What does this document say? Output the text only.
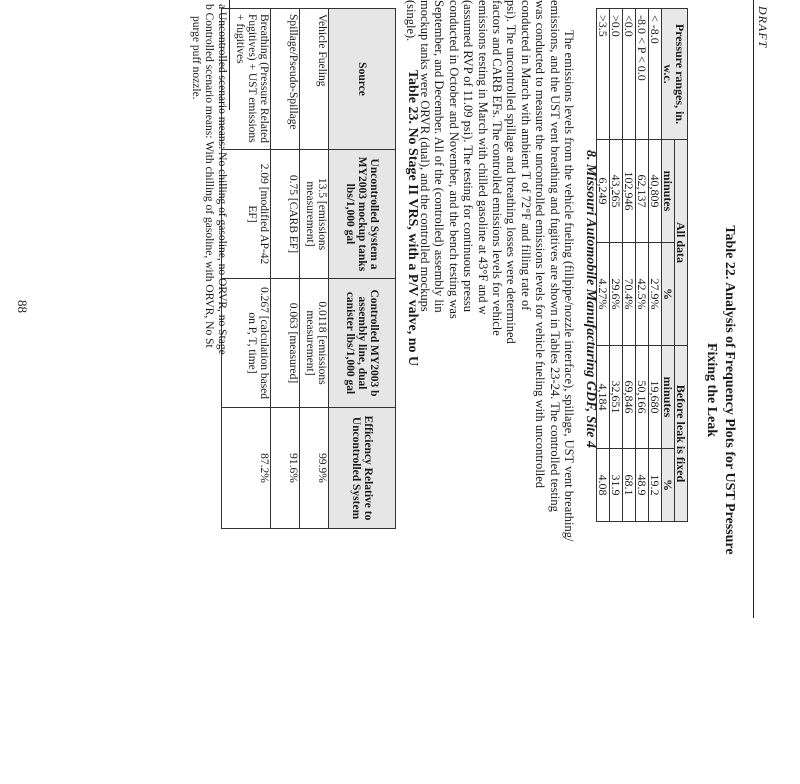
DRAFT
Table 22. Analysis of Frequency Plots for UST Pressure
Fixing the Leak
Pressure ranges, in. w.c.	All data		Before leak is fixed	
	minutes	%	minutes	%
< -8.0	40,809	27.9%	19,680	19.2
-8.0 < P < 0.0	62,137	42.5%	50,166	48.9
<0.0	102,946	70.4%	69,846	68.1
>0.0	43,265	29.6%	32,651	31.9
>3.5	6,249	4.27%	4,184	4.08
8. Missouri Automobile Manufacturing GDF, Site 4
The emissions levels from the vehicle fueling (fillpipe/nozzle interface), spillage, UST vent breathing/
emissions, and the UST vent breathing and fugitives are shown in Tables 23-24. The controlled testing
was conducted to measure the uncontrolled emissions levels for vehicle fueling with uncontrolled
conducted in March with ambient T of 72°F and filling rate of
psi). The uncontrolled spillage and breathing losses were determined
factors and CARB EFs. The controlled emissions levels for vehicle
emissions testing in March with chilled gasoline at 43°F and w
(assumed RVP of 11.09 psi). The testing for continuous pressu
conducted in October and November, and the bench testing was
September, and December. All of the (controlled) assembly lin
mockup tanks were ORVR (dual), and the controlled mockups
(single).
Table 23. No Stage II VRS, with a P/V valve, no U
Source	Uncontrolled System a MY2003 mockup tanks lbs/1,000 gal	Controlled MY2003 b assembly line, dual canister lbs/1,000 gal	Efficiency Relative to Uncontrolled System
Vehicle Fueling	13.5 [emissions measurement]	0.0118 [emissions measurement]	99.9%
Spillage/Pseudo-Spillage	0.75 [CARB EF]	0.063 [measured]	91.6%
Breathing (Pressure Related Fugitives) + UST emissions + fugitives	2.09 [modified AP-42 EF]	0.267 [calculation based on P, T, time]	87.2%
a Uncontrolled scenario means: No chilling of gasoline, no ORVR, no Stage
b Controlled scenario means: With chilling of gasoline, with ORVR, No St
purge puff nozzle.
88
